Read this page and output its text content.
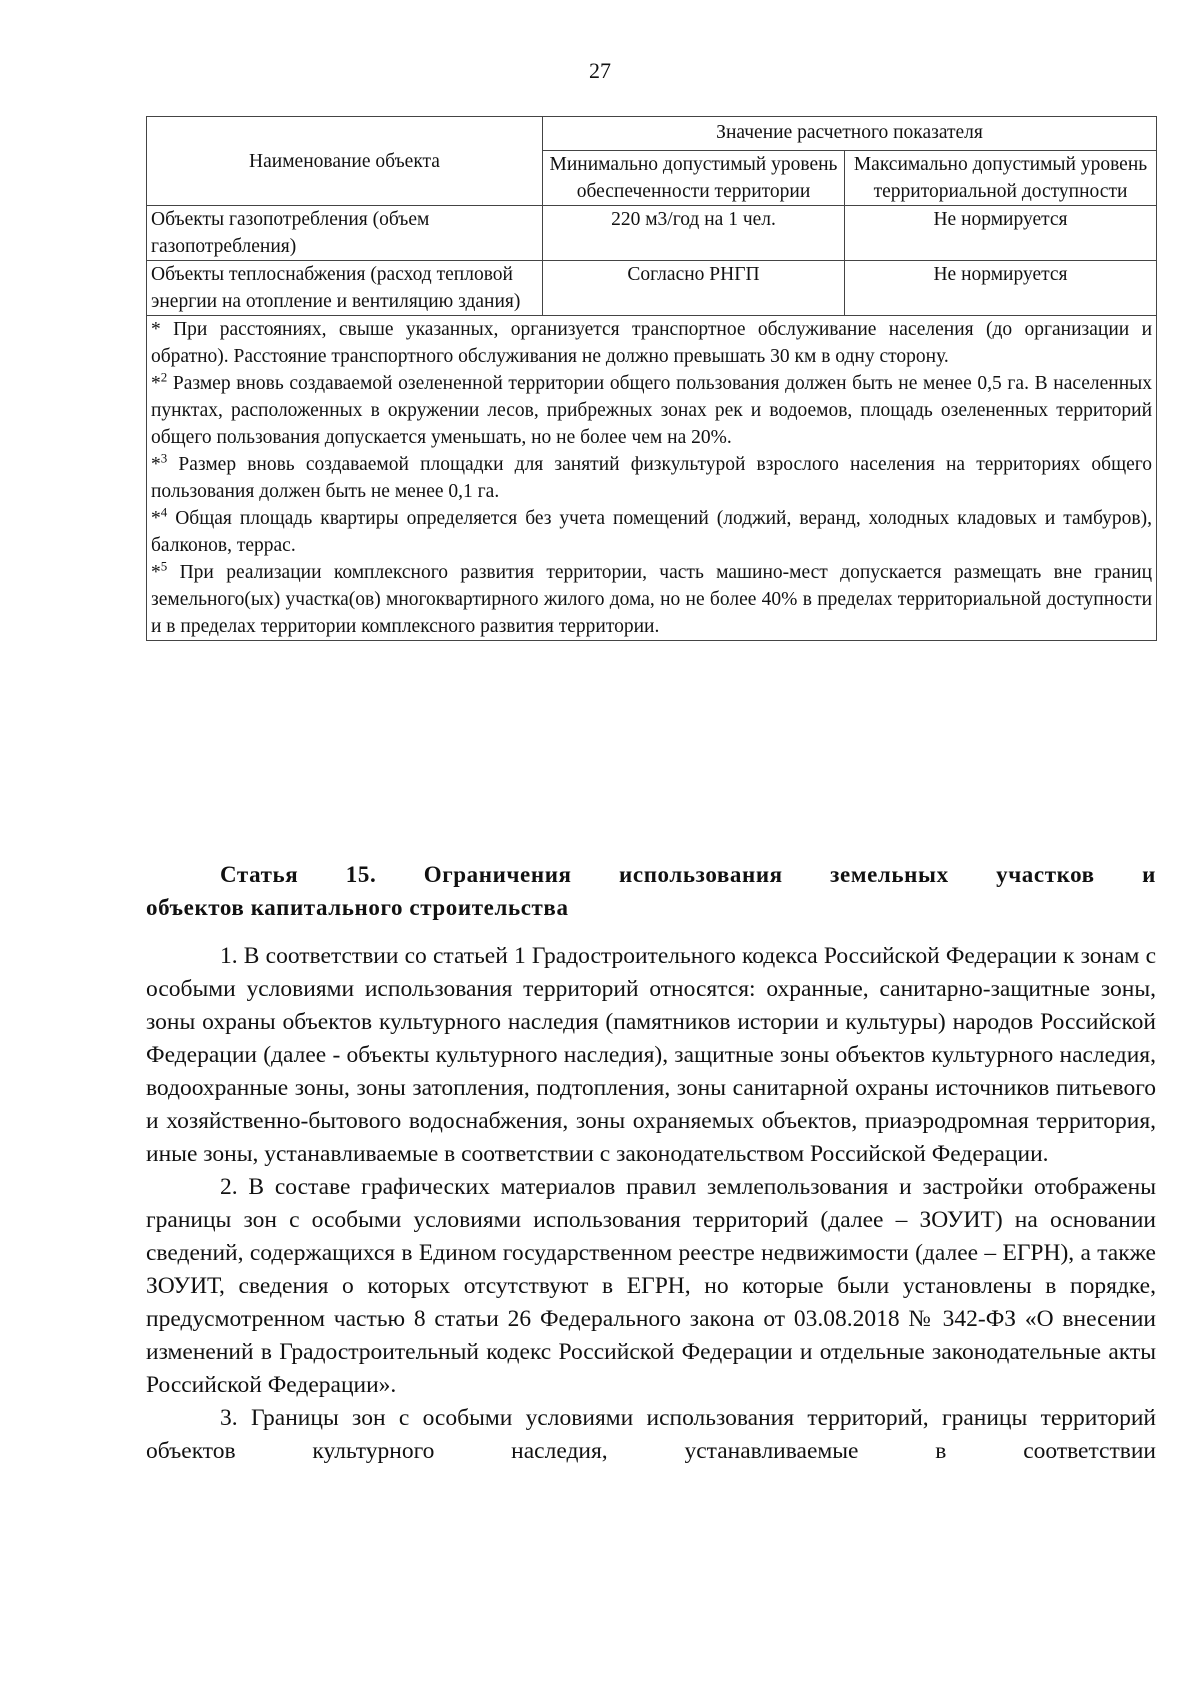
27
Наименование объекта	Значение расчетного показателя	
	Минимально допустимый уровень обеспеченности территории	Максимально допустимый уровень территориальной доступности
Объекты газопотребления (объем газопотребления)	220 м3/год на 1 чел.	Не нормируется
Объекты теплоснабжения (расход тепловой энергии на отопление и вентиляцию здания)	Согласно РНГП	Не нормируется

* При расстояниях, свыше указанных, организуется транспортное обслуживание населения (до организации и обратно). Расстояние транспортного обслуживания не должно превышать 30 км в одну сторону.

*$^2$ Размер вновь создаваемой озелененной территории общего пользования должен быть не менее 0,5 га. В населенных пунктах, расположенных в окружении лесов, прибрежных зонах рек и водоемов, площадь озелененных территорий общего пользования допускается уменьшать, но не более чем на 20%.

*$^3$ Размер вновь создаваемой площадки для занятий физкультурой взрослого населения на территориях общего пользования должен быть не менее 0,1 га.

*$^4$ Общая площадь квартиры определяется без учета помещений (лоджий, веранд, холодных кладовых и тамбуров), балконов, террас.

*$^5$ При реализации комплексного развития территории, часть машино-мест допускается размещать вне границ земельного(ых) участка(ов) многоквартирного жилого дома, но не более 40% в пределах территориальной доступности и в пределах территории комплексного развития территории.		

Статья 15. Ограничения использования земельных участков и
объектов капитального строительства

1. В соответствии со статьей 1 Градостроительного кодекса Российской Федерации к зонам с особыми условиями использования территорий относятся: охранные, санитарно-защитные зоны, зоны охраны объектов культурного наследия (памятников истории и культуры) народов Российской Федерации (далее - объекты культурного наследия), защитные зоны объектов культурного наследия, водоохранные зоны, зоны затопления, подтопления, зоны санитарной охраны источников питьевого и хозяйственно-бытового водоснабжения, зоны охраняемых объектов, приаэродромная территория, иные зоны, устанавливаемые в соответствии с законодательством Российской Федерации.

2. В составе графических материалов правил землепользования и застройки отображены границы зон с особыми условиями использования территорий (далее – ЗОУИТ) на основании сведений, содержащихся в Едином государственном реестре недвижимости (далее – ЕГРН), а также ЗОУИТ, сведения о которых отсутствуют в ЕГРН, но которые были установлены в порядке, предусмотренном частью 8 статьи 26 Федерального закона от 03.08.2018 № 342-ФЗ «О внесении изменений в Градостроительный кодекс Российской Федерации и отдельные законодательные акты Российской Федерации».

3. Границы зон с особыми условиями использования территорий, границы территорий объектов культурного наследия, устанавливаемые в соответствии
